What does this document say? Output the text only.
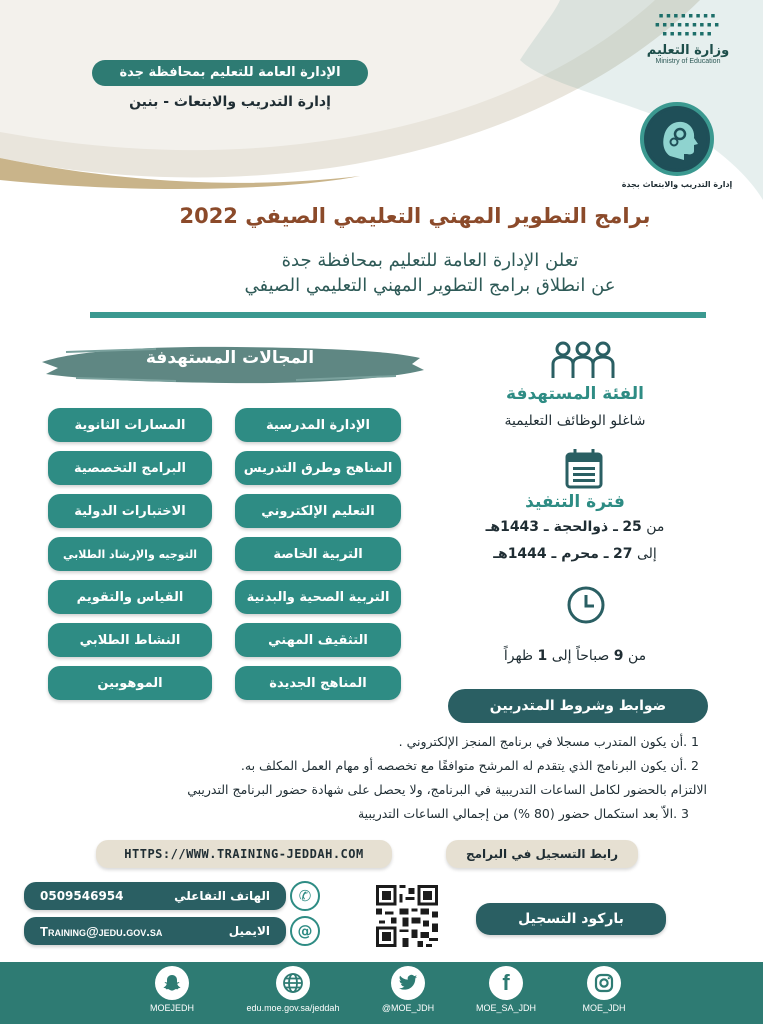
الإدارة العامة للتعليم بمحافظة جدة
إدارة التدريب والابتعاث - بنين
▪▪▪▪▪▪▪▪
▪▪▪▪▪▪▪▪▪
▪▪▪▪▪▪▪
وزارة التعليم
Ministry of Education
إدارة التدريب والابتعاث بجدة
برامج التطوير المهني التعليمي الصيفي 2022
تعلن الإدارة العامة للتعليم بمحافظة جدة
عن انطلاق برامج التطوير المهني التعليمي الصيفي
المجالات المستهدفة
الإدارة المدرسية
المناهج وطرق التدريس
التعليم الإلكتروني
التربية الخاصة
التربية الصحية والبدنية
التثقيف المهني
المناهج الجديدة
المسارات الثانوية
البرامج التخصصية
الاختبارات الدولية
التوجيه والإرشاد الطلابي
القياس والتقويم
النشاط الطلابي
الموهوبين
الفئة المستهدفة
شاغلو الوظائف التعليمية
فترة التنفيذ
من 25 ـ ذوالحجة ـ 1443هـ
إلى 27 ـ محرم ـ 1444هـ
من 9 صباحاً إلى 1 ظهراً
ضوابط وشروط المتدربين
1 .أن يكون المتدرب مسجلا في برنامج المنجز الإلكتروني .
2 .أن يكون البرنامج الذي يتقدم له المرشح متوافقًا مع تخصصه أو مهام العمل المكلف به.
الالتزام بالحضور لكامل الساعات التدريبية في البرنامج، ولا يحصل على شهادة حضور البرنامج التدريبي
3 .الاّ بعد استكمال حضور (80 %) من إجمالي الساعات التدريبية
رابط التسجيل في البرامج
HTTPS://WWW.TRAINING-JEDDAH.COM
0509546954	الهاتف التفاعلي	✆
Training@jedu.gov.sa	الايميل	@
باركود التسجيل
MOE_JDH
f
MOE_SA_JDH
@MOE_JDH
edu.moe.gov.sa/jeddah
MOEJEDH
